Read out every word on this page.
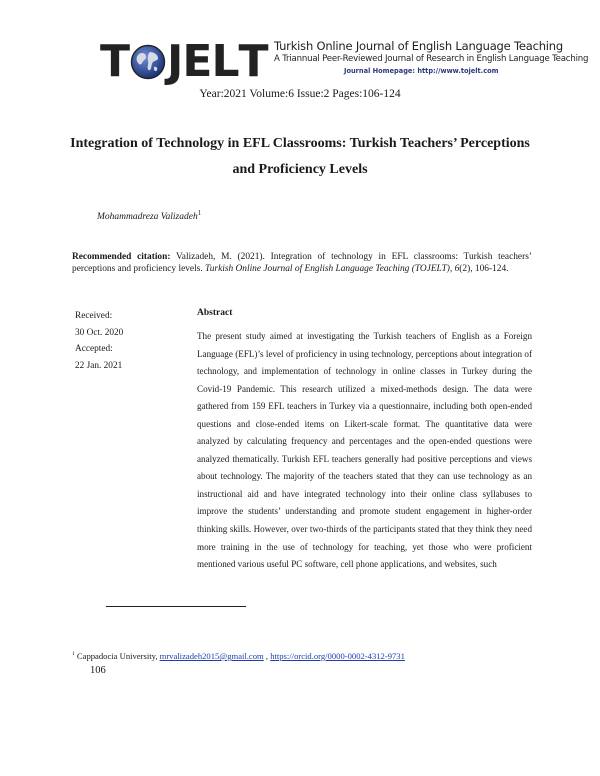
T J E L T Turkish Online Journal of English Language Teaching
A Triannual Peer-Reviewed Journal of Research in English Language Teaching
Journal Homepage: http://www.tojelt.com
Year:2021 Volume:6 Issue:2 Pages:106-124
Integration of Technology in EFL Classrooms: Turkish Teachers’ Perceptions
and Proficiency Levels
Mohammadreza Valizadeh$^1$
Recommended citation: Valizadeh, M. (2021). Integration of technology in EFL classrooms: Turkish teachers’ perceptions and proficiency levels. Turkish Online Journal of English Language Teaching (TOJELT), 6(2), 106-124.
Received:
30 Oct. 2020
Accepted:
22 Jan. 2021
Abstract
The present study aimed at investigating the Turkish teachers of English as a Foreign Language (EFL)’s level of proficiency in using technology, perceptions about integration of technology, and implementation of technology in online classes in Turkey during the Covid-19 Pandemic. This research utilized a mixed-methods design. The data were gathered from 159 EFL teachers in Turkey via a questionnaire, including both open-ended questions and close-ended items on Likert-scale format. The quantitative data were analyzed by calculating frequency and percentages and the open-ended questions were analyzed thematically. Turkish EFL teachers generally had positive perceptions and views about technology. The majority of the teachers stated that they can use technology as an instructional aid and have integrated technology into their online class syllabuses to improve the students’ understanding and promote student engagement in higher-order thinking skills. However, over two-thirds of the participants stated that they think they need more training in the use of technology for teaching, yet those who were proficient mentioned various useful PC software, cell phone applications, and websites, such
$^1$ Cappadocia University, mrvalizadeh2015@gmail.com , https://orcid.org/0000-0002-4312-9731
106
